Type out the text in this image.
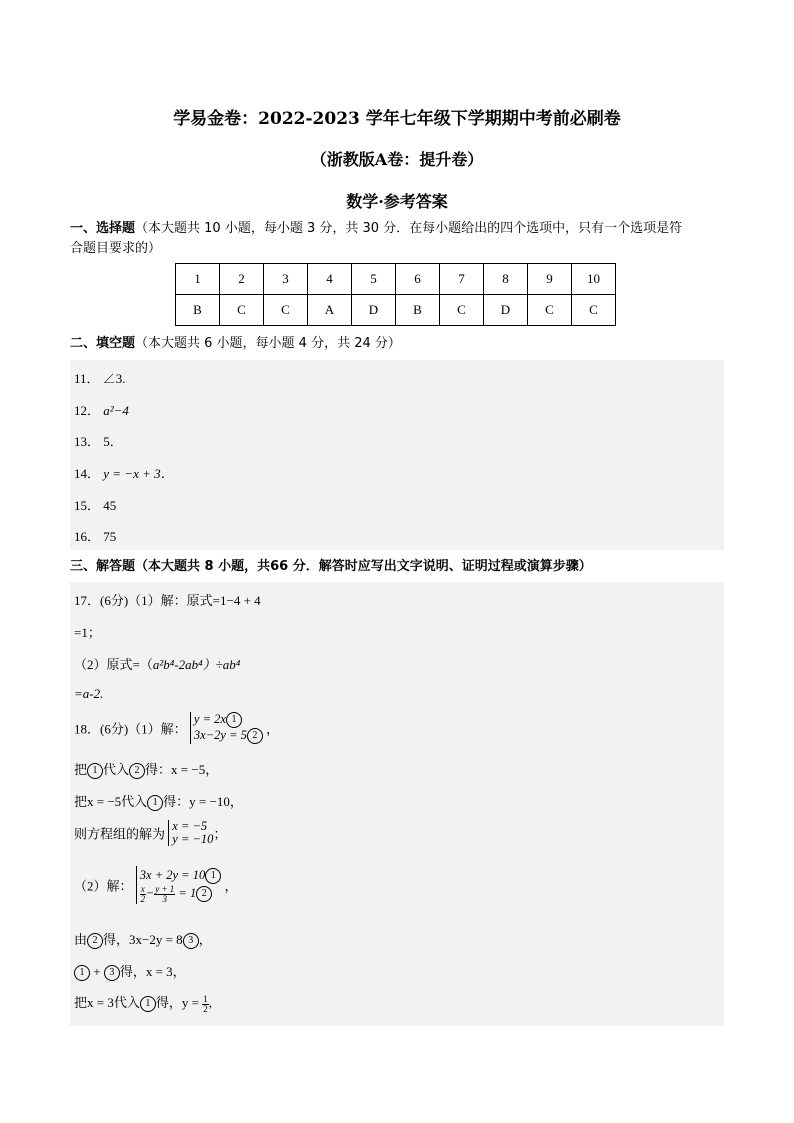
学易金卷：2022-2023 学年七年级下学期期中考前必刷卷
（浙教版A卷：提升卷）
数学·参考答案
一、选择题（本大题共 10 小题，每小题 3 分，共 30 分．在每小题给出的四个选项中，只有一个选项是符
合题目要求的）
1	2	3	4	5	6	7	8	9	10
B	C	C	A	D	B	C	D	C	C
二、填空题（本大题共 6 小题，每小题 4 分，共 24 分）
11． ∠3.
12． a²−4
13． 5．
14． y = −x + 3．
15． 45
16． 75
三、解答题（本大题共 8 小题，共66 分．解答时应写出文字说明、证明过程或演算步骤）
17．(6分)（1）解：原式=1−4 + 4
=1；
（2）原式=（a²b⁴-2ab⁴）÷ab⁴
=a-2.
18．(6分)（1）解： y = 2x 1
3x−2y = 5 2 ，
把 1 代入 2 得：x = −5，
把x = −5代入 1 得：y = −10，
则方程组的解为 x = −5
y = −10；
（2）解： 3x + 2y = 10 1

$\frac{x}{2} - \frac{y + 1}{3} = 1$ 2 ，
由 2 得，3x−2y = 8 3 ，
1 + 3 得，x = 3，
把x = 3代入 1 得，$y = \frac{1}{2}$ ,
